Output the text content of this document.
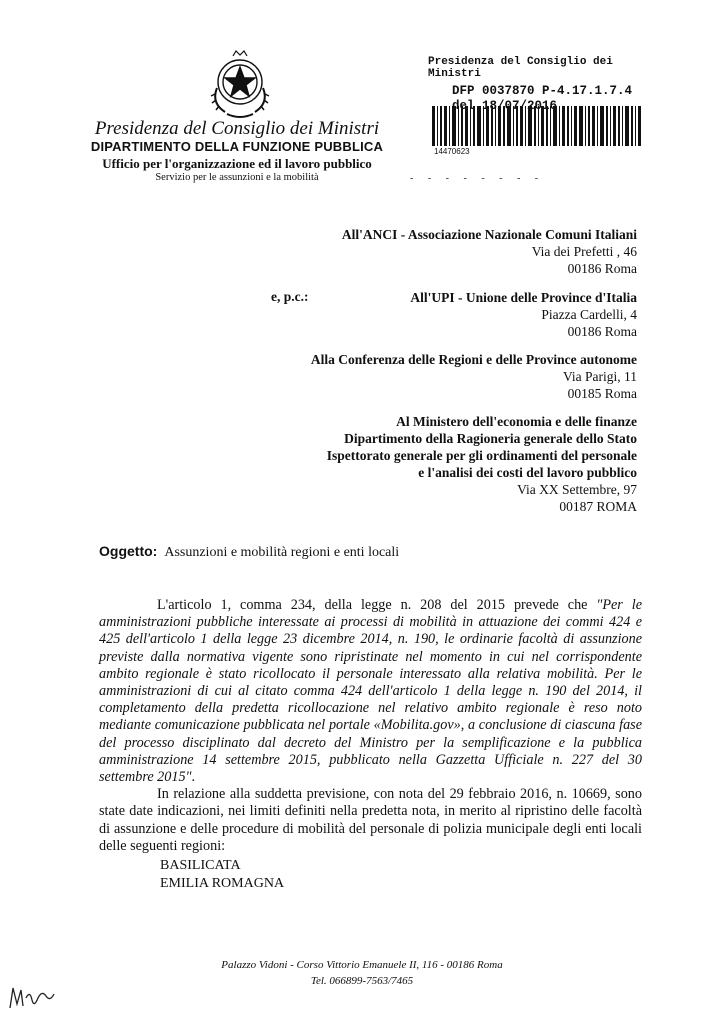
Presidenza del Consiglio dei Ministri
DIPARTIMENTO DELLA FUNZIONE PUBBLICA
Ufficio per l'organizzazione ed il lavoro pubblico
Servizio per le assunzioni e la mobilità
Presidenza del Consiglio dei Ministri
DFP 0037870 P-4.17.1.7.4
del 18/07/2016
14470623
- - - - - - - -
All'ANCI - Associazione Nazionale Comuni Italiani
Via dei Prefetti , 46
00186 Roma
e, p.c.:	All'UPI - Unione delle Province d'Italia
Piazza Cardelli, 4
00186 Roma
Alla Conferenza delle Regioni e delle Province autonome
Via Parigi, 11
00185 Roma
Al Ministero dell'economia e delle finanze
Dipartimento della Ragioneria generale dello Stato
Ispettorato generale per gli ordinamenti del personale
e l'analisi dei costi del lavoro pubblico
Via XX Settembre, 97
00187 ROMA
Oggetto: Assunzioni e mobilità regioni e enti locali

L'articolo 1, comma 234, della legge n. 208 del 2015 prevede che "Per le amministrazioni pubbliche interessate ai processi di mobilità in attuazione dei commi 424 e 425 dell'articolo 1 della legge 23 dicembre 2014, n. 190, le ordinarie facoltà di assunzione previste dalla normativa vigente sono ripristinate nel momento in cui nel corrispondente ambito regionale è stato ricollocato il personale interessato alla relativa mobilità. Per le amministrazioni di cui al citato comma 424 dell'articolo 1 della legge n. 190 del 2014, il completamento della predetta ricollocazione nel relativo ambito regionale è reso noto mediante comunicazione pubblicata nel portale «Mobilita.gov», a conclusione di ciascuna fase del processo disciplinato dal decreto del Ministro per la semplificazione e la pubblica amministrazione 14 settembre 2015, pubblicato nella Gazzetta Ufficiale n. 227 del 30 settembre 2015".

In relazione alla suddetta previsione, con nota del 29 febbraio 2016, n. 10669, sono state date indicazioni, nei limiti definiti nella predetta nota, in merito al ripristino delle facoltà di assunzione e delle procedure di mobilità del personale di polizia municipale degli enti locali delle seguenti regioni:

BASILICATA
EMILIA ROMAGNA
Palazzo Vidoni - Corso Vittorio Emanuele II, 116 - 00186 Roma
Tel. 066899-7563/7465
